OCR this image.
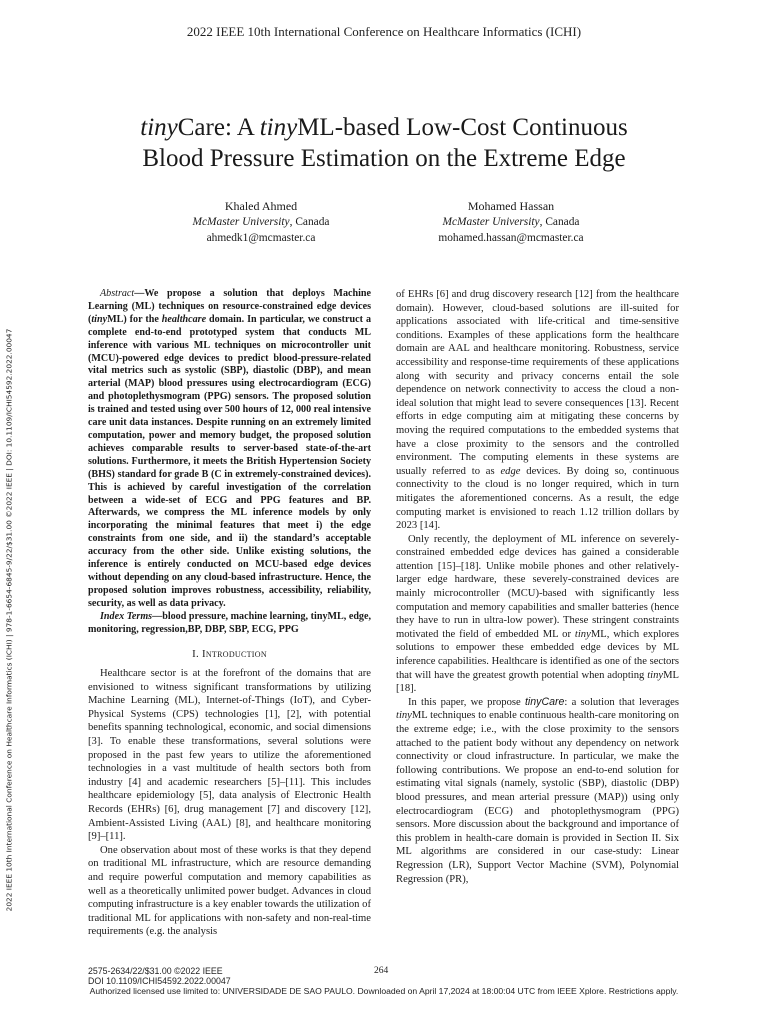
2022 IEEE 10th International Conference on Healthcare Informatics (ICHI)
tinyCare: A tinyML-based Low-Cost Continuous
Blood Pressure Estimation on the Extreme Edge
Khaled Ahmed
McMaster University, Canada
ahmedk1@mcmaster.ca
Mohamed Hassan
McMaster University, Canada
mohamed.hassan@mcmaster.ca
2022 IEEE 10th International Conference on Healthcare Informatics (ICHI) | 978-1-6654-6845-9/22/$31.00 ©2022 IEEE | DOI: 10.1109/ICHI54592.2022.00047

Abstract—We propose a solution that deploys Machine Learning (ML) techniques on resource-constrained edge devices (tinyML) for the healthcare domain. In particular, we construct a complete end-to-end prototyped system that conducts ML inference with various ML techniques on microcontroller unit (MCU)-powered edge devices to predict blood-pressure-related vital metrics such as systolic (SBP), diastolic (DBP), and mean arterial (MAP) blood pressures using electrocardiogram (ECG) and photoplethysmogram (PPG) sensors. The proposed solution is trained and tested using over 500 hours of 12, 000 real intensive care unit data instances. Despite running on an extremely limited computation, power and memory budget, the proposed solution achieves comparable results to server-based state-of-the-art solutions. Furthermore, it meets the British Hypertension Society (BHS) standard for grade B (C in extremely-constrained devices). This is achieved by careful investigation of the correlation between a wide-set of ECG and PPG features and BP. Afterwards, we compress the ML inference models by only incorporating the minimal features that meet i) the edge constraints from one side, and ii) the standard’s acceptable accuracy from the other side. Unlike existing solutions, the inference is entirely conducted on MCU-based edge devices without depending on any cloud-based infrastructure. Hence, the proposed solution improves robustness, accessibility, reliability, security, as well as data privacy.

Index Terms—blood pressure, machine learning, tinyML, edge, monitoring, regression,BP, DBP, SBP, ECG, PPG

I. Introduction

Healthcare sector is at the forefront of the domains that are envisioned to witness significant transformations by utilizing Machine Learning (ML), Internet-of-Things (IoT), and Cyber-Physical Systems (CPS) technologies [1], [2], with potential benefits spanning technological, economic, and social dimensions [3]. To enable these transformations, several solutions were proposed in the past few years to utilize the aforementioned technologies in a vast multitude of health sectors both from industry [4] and academic researchers [5]–[11]. This includes healthcare epidemiology [5], data analysis of Electronic Health Records (EHRs) [6], drug management [7] and discovery [12], Ambient-Assisted Living (AAL) [8], and healthcare monitoring [9]–[11].

One observation about most of these works is that they depend on traditional ML infrastructure, which are resource demanding and require powerful computation and memory capabilities as well as a theoretically unlimited power budget. Advances in cloud computing infrastructure is a key enabler towards the utilization of traditional ML for applications with non-safety and non-real-time requirements (e.g. the analysis

of EHRs [6] and drug discovery research [12] from the healthcare domain). However, cloud-based solutions are ill-suited for applications associated with life-critical and time-sensitive conditions. Examples of these applications form the healthcare domain are AAL and healthcare monitoring. Robustness, service accessibility and response-time requirements of these applications along with security and privacy concerns entail the sole dependence on network connectivity to access the cloud a non-ideal solution that might lead to severe consequences [13]. Recent efforts in edge computing aim at mitigating these concerns by moving the required computations to the embedded systems that have a close proximity to the sensors and the controlled environment. The computing elements in these systems are usually referred to as edge devices. By doing so, continuous connectivity to the cloud is no longer required, which in turn mitigates the aforementioned concerns. As a result, the edge computing market is envisioned to reach 1.12 trillion dollars by 2023 [14].

Only recently, the deployment of ML inference on severely-constrained embedded edge devices has gained a considerable attention [15]–[18]. Unlike mobile phones and other relatively-larger edge hardware, these severely-constrained devices are mainly microcontroller (MCU)-based with significantly less computation and memory capabilities and smaller batteries (hence they have to run in ultra-low power). These stringent constraints motivated the field of embedded ML or tinyML, which explores solutions to empower these embedded edge devices by ML inference capabilities. Healthcare is identified as one of the sectors that will have the greatest growth potential when adopting tinyML [18].

In this paper, we propose tinyCare: a solution that leverages tinyML techniques to enable continuous health-care monitoring on the extreme edge; i.e., with the close proximity to the sensors attached to the patient body without any dependency on network connectivity or cloud infrastructure. In particular, we make the following contributions. We propose an end-to-end solution for estimating vital signals (namely, systolic (SBP), diastolic (DBP) blood pressures, and mean arterial pressure (MAP)) using only electrocardiogram (ECG) and photoplethysmogram (PPG) sensors. More discussion about the background and importance of this problem in health-care domain is provided in Section II. Six ML algorithms are considered in our case-study: Linear Regression (LR), Support Vector Machine (SVM), Polynomial Regression (PR),

2575-2634/22/$31.00 ©2022 IEEE
DOI 10.1109/ICHI54592.2022.00047
264
Authorized licensed use limited to: UNIVERSIDADE DE SAO PAULO. Downloaded on April 17,2024 at 18:00:04 UTC from IEEE Xplore. Restrictions apply.
